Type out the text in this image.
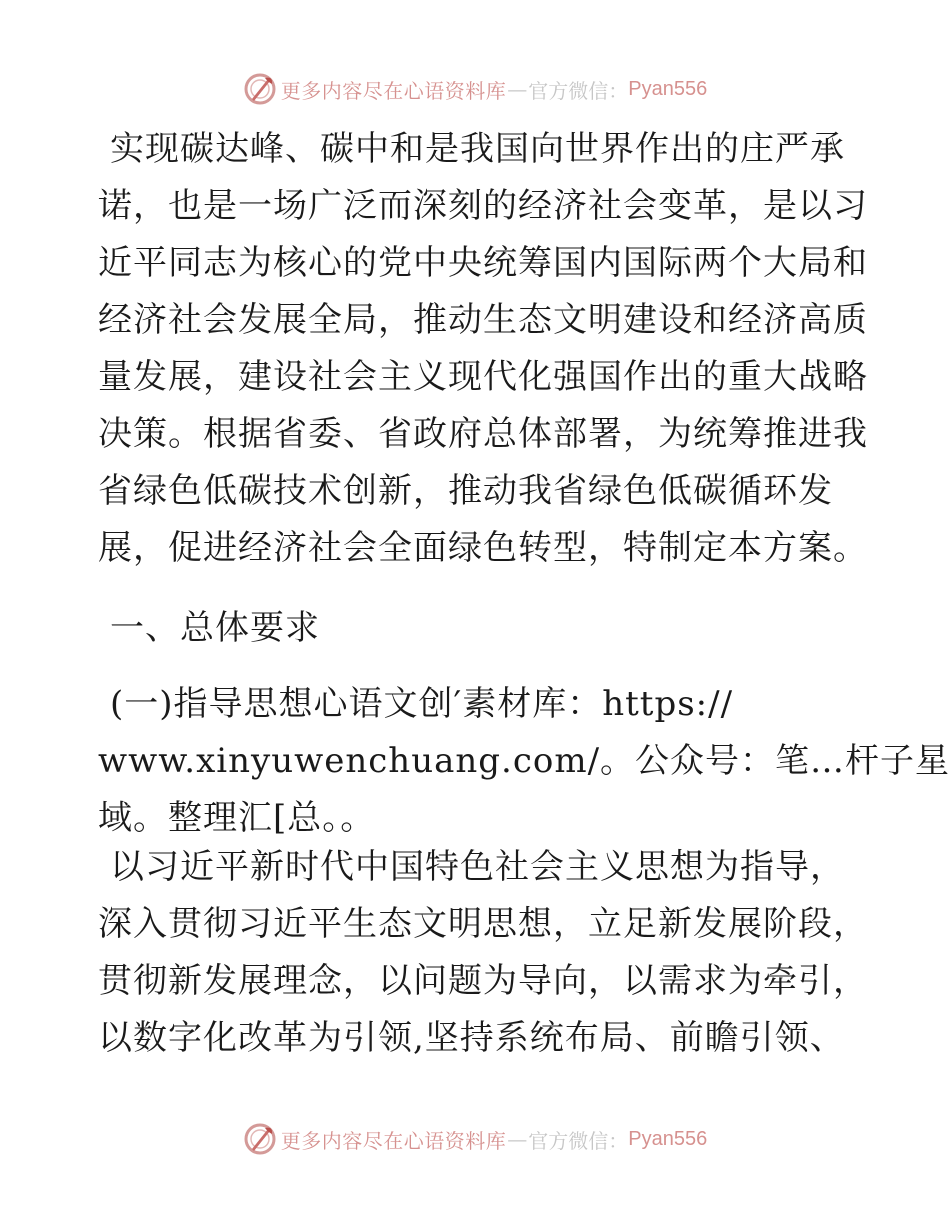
更多内容尽在心语资料库 — 官方微信： Pyan556
实现碳达峰、碳中和是我国向世界作出的庄严承
诺，也是一场广泛而深刻的经济社会变革，是以习
近平同志为核心的党中央统筹国内国际两个大局和
经济社会发展全局，推动生态文明建设和经济高质
量发展，建设社会主义现代化强国作出的重大战略
决策。根据省委、省政府总体部署，为统筹推进我
省绿色低碳技术创新，推动我省绿色低碳循环发
展，促进经济社会全面绿色转型，特制定本方案。
一、总体要求
(一)指导思想心语文创′素材库：https://
www.xinyuwenchuang.com/。公众号：笔…杆子星
域。整理汇[总。。
以习近平新时代中国特色社会主义思想为指导，
深入贯彻习近平生态文明思想，立足新发展阶段，
贯彻新发展理念，以问题为导向，以需求为牵引，
以数字化改革为引领,坚持系统布局、前瞻引领、
更多内容尽在心语资料库 — 官方微信： Pyan556
